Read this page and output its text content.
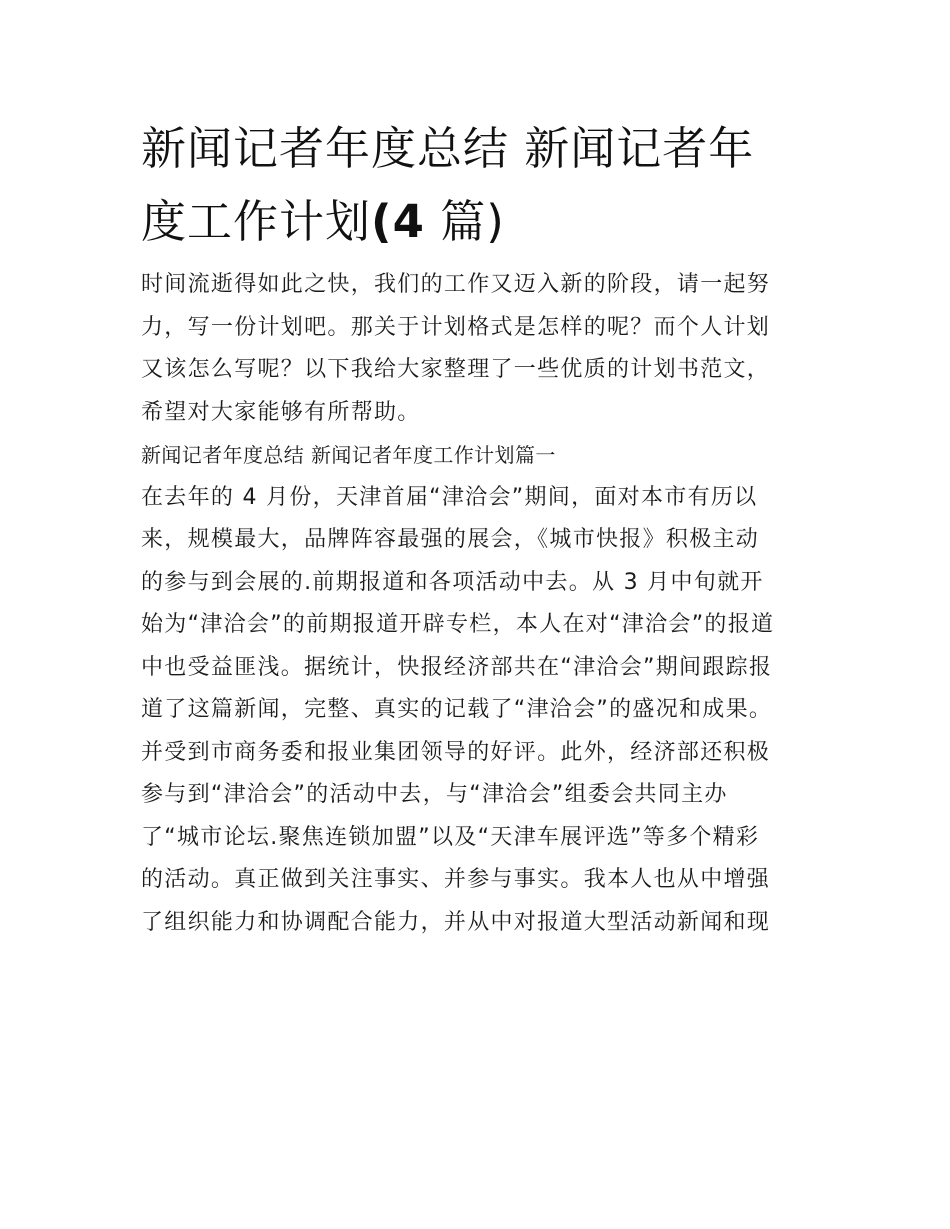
新闻记者年度总结 新闻记者年
度工作计划(4 篇)

时间流逝得如此之快，我们的工作又迈入新的阶段，请一起努
力，写一份计划吧。那关于计划格式是怎样的呢？而个人计划
又该怎么写呢？以下我给大家整理了一些优质的计划书范文，
希望对大家能够有所帮助。

新闻记者年度总结 新闻记者年度工作计划篇一

在去年的 4 月份，天津首届“津洽会”期间，面对本市有历以
来，规模最大，品牌阵容最强的展会，《城市快报》积极主动
的参与到会展的.前期报道和各项活动中去。从 3 月中旬就开
始为“津洽会”的前期报道开辟专栏，本人在对“津洽会”的报道
中也受益匪浅。据统计，快报经济部共在“津洽会”期间跟踪报
道了这篇新闻，完整、真实的记载了“津洽会”的盛况和成果。
并受到市商务委和报业集团领导的好评。此外，经济部还积极
参与到“津洽会”的活动中去，与“津洽会”组委会共同主办
了“城市论坛.聚焦连锁加盟”以及“天津车展评选”等多个精彩
的活动。真正做到关注事实、并参与事实。我本人也从中增强
了组织能力和协调配合能力，并从中对报道大型活动新闻和现
